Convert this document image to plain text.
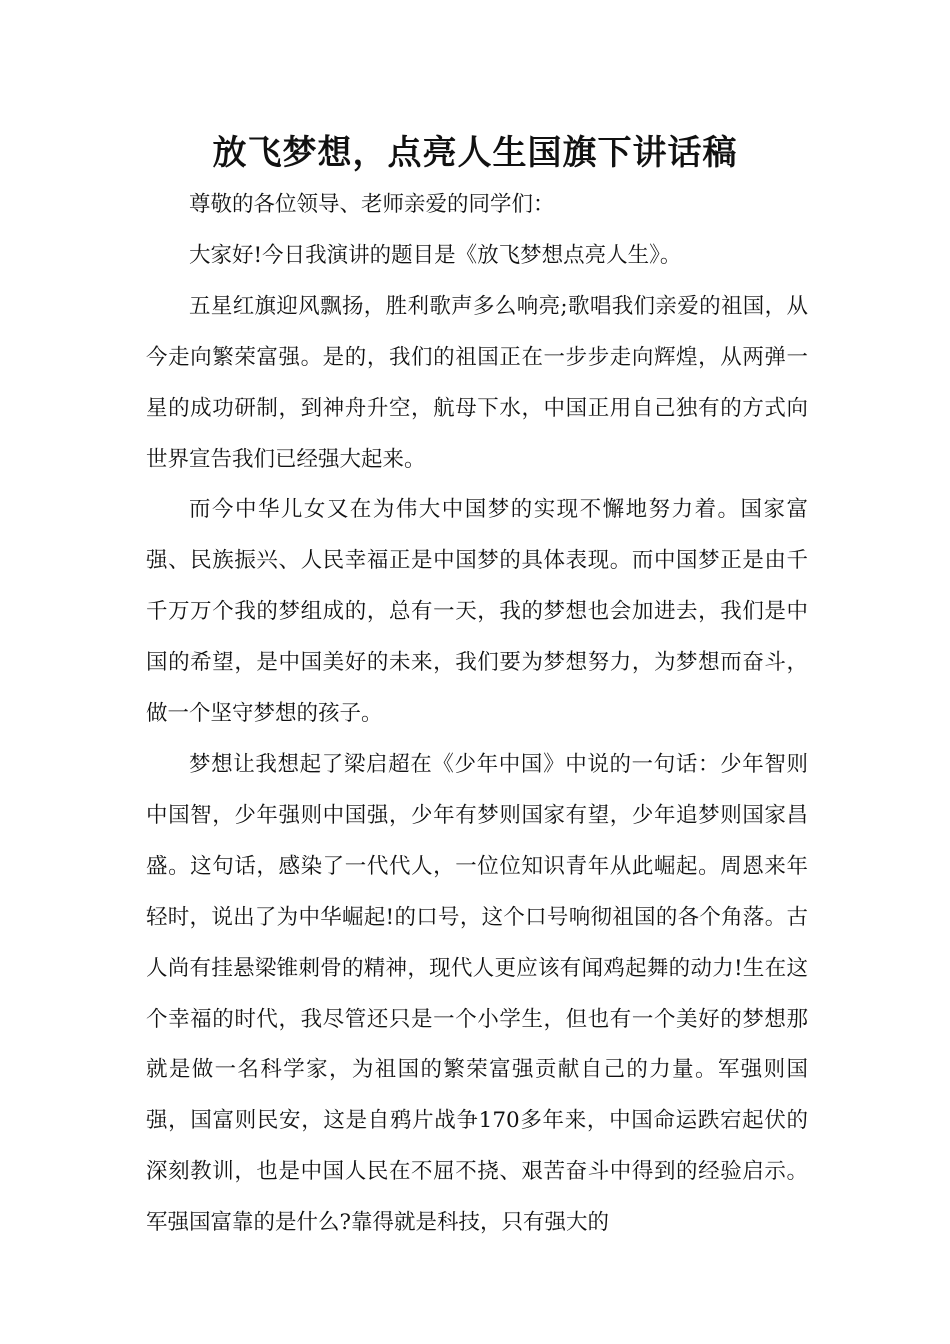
放飞梦想，点亮人生国旗下讲话稿

尊敬的各位领导、老师亲爱的同学们：

大家好!今日我演讲的题目是《放飞梦想点亮人生》。

五星红旗迎风飘扬，胜利歌声多么响亮;歌唱我们亲爱的祖国，从今走向繁荣富强。是的，我们的祖国正在一步步走向辉煌，从两弹一星的成功研制，到神舟升空，航母下水，中国正用自己独有的方式向世界宣告我们已经强大起来。

而今中华儿女又在为伟大中国梦的实现不懈地努力着。国家富强、民族振兴、人民幸福正是中国梦的具体表现。而中国梦正是由千千万万个我的梦组成的，总有一天，我的梦想也会加进去，我们是中国的希望，是中国美好的未来，我们要为梦想努力，为梦想而奋斗，做一个坚守梦想的孩子。

梦想让我想起了梁启超在《少年中国》中说的一句话：少年智则中国智，少年强则中国强，少年有梦则国家有望，少年追梦则国家昌盛。这句话，感染了一代代人，一位位知识青年从此崛起。周恩来年轻时，说出了为中华崛起!的口号，这个口号响彻祖国的各个角落。古人尚有挂悬梁锥刺骨的精神，现代人更应该有闻鸡起舞的动力!生在这个幸福的时代，我尽管还只是一个小学生，但也有一个美好的梦想那就是做一名科学家，为祖国的繁荣富强贡献自己的力量。军强则国强，国富则民安，这是自鸦片战争170多年来，中国命运跌宕起伏的深刻教训，也是中国人民在不屈不挠、艰苦奋斗中得到的经验启示。军强国富靠的是什么?靠得就是科技，只有强大的
